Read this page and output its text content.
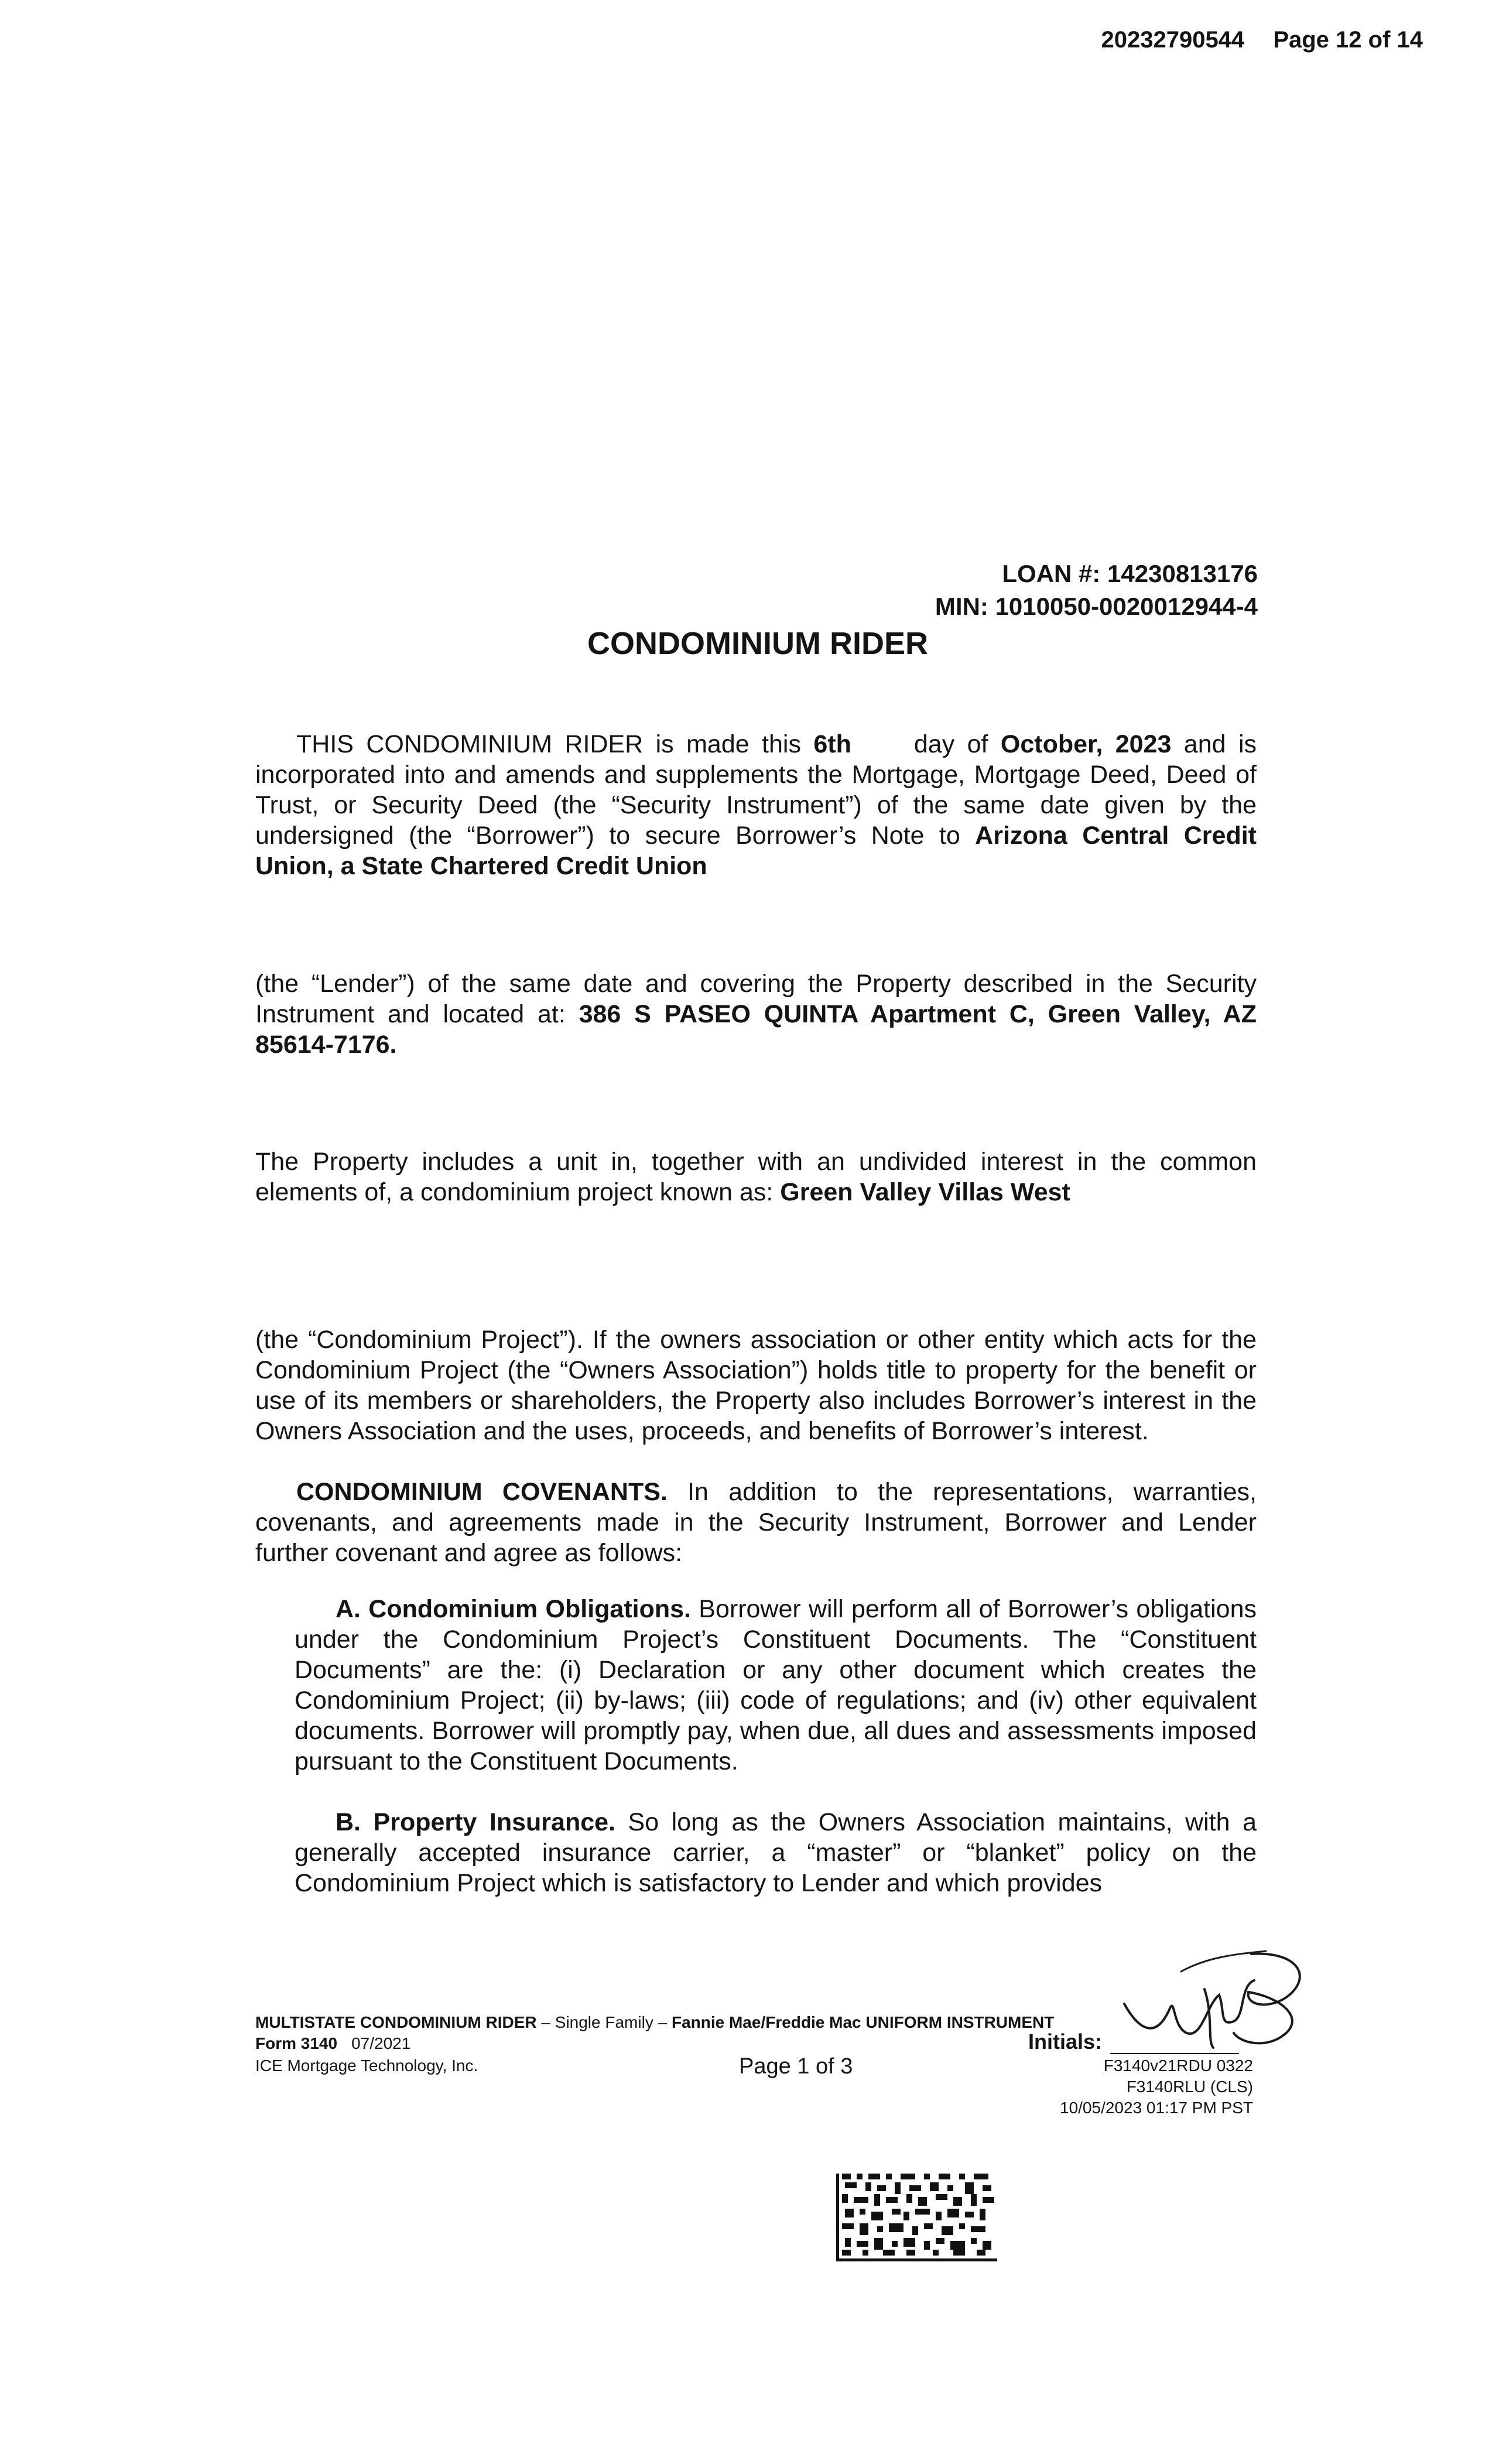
20232790544 Page 12 of 14
LOAN #: 14230813176
MIN: 1010050-0020012944-4
CONDOMINIUM RIDER
THIS CONDOMINIUM RIDER is made this 6th     day of October, 2023 and is incorporated into and amends and supplements the Mortgage, Mortgage Deed, Deed of Trust, or Security Deed (the “Security Instrument”) of the same date given by the undersigned (the “Borrower”) to secure Borrower’s Note to Arizona Central Credit Union, a State Chartered Credit Union
(the “Lender”) of the same date and covering the Property described in the Security Instrument and located at: 386 S PASEO QUINTA Apartment C, Green Valley, AZ 85614-7176.
The Property includes a unit in, together with an undivided interest in the common elements of, a condominium project known as: Green Valley Villas West
(the “Condominium Project”). If the owners association or other entity which acts for the Condominium Project (the “Owners Association”) holds title to property for the benefit or use of its members or shareholders, the Property also includes Borrower’s interest in the Owners Association and the uses, proceeds, and benefits of Borrower’s interest.
CONDOMINIUM COVENANTS. In addition to the representations, warranties, covenants, and agreements made in the Security Instrument, Borrower and Lender further covenant and agree as follows:
A. Condominium Obligations. Borrower will perform all of Borrower’s obligations under the Condominium Project’s Constituent Documents. The “Constituent Documents” are the: (i) Declaration or any other document which creates the Condominium Project; (ii) by-laws; (iii) code of regulations; and (iv) other equivalent documents. Borrower will promptly pay, when due, all dues and assessments imposed pursuant to the Constituent Documents.
B. Property Insurance. So long as the Owners Association maintains, with a generally accepted insurance carrier, a “master” or “blanket” policy on the Condominium Project which is satisfactory to Lender and which provides
MULTISTATE CONDOMINIUM RIDER – Single Family – Fannie Mae/Freddie Mac UNIFORM INSTRUMENT
Form 3140 07/2021
ICE Mortgage Technology, Inc.	Page 1 of 3
Initials:
F3140v21RDU 0322
F3140RLU (CLS)
10/05/2023 01:17 PM PST
